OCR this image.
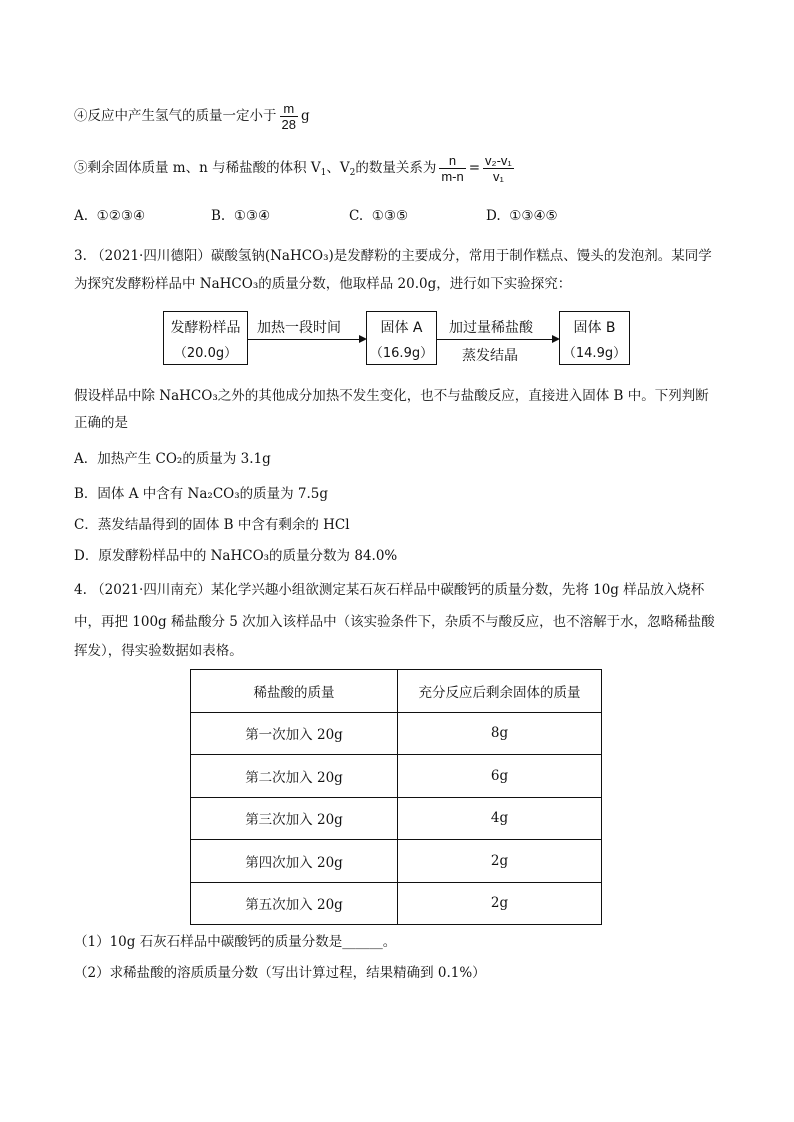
④反应中产生氢气的质量一定小于 $\frac{m}{28}$ g
⑤剩余固体质量 m、n 与稀盐酸的体积 $V_1$、$V_2$的数量关系为 $\frac{n}{m-n} = \frac{\text{v₂-v₁}}{\text{v₁}}$
A. ①②③④	B. ①③④	C. ①③⑤	D. ①③④⑤
3. （2021·四川德阳）碳酸氢钠(NaHCO₃)是发酵粉的主要成分，常用于制作糕点、馒头的发泡剂。某同学
为探究发酵粉样品中 NaHCO₃的质量分数，他取样品 20.0g，进行如下实验探究：
发酵粉样品
（20.0g）
加热一段时间	固体 A
（16.9g）
加过量稀盐酸
蒸发结晶
固体 B
（14.9g）
假设样品中除 NaHCO₃之外的其他成分加热不发生变化，也不与盐酸反应，直接进入固体 B 中。下列判断
正确的是
A．加热产生 CO₂的质量为 3.1g
B．固体 A 中含有 Na₂CO₃的质量为 7.5g
C．蒸发结晶得到的固体 B 中含有剩余的 HCl
D．原发酵粉样品中的 NaHCO₃的质量分数为 84.0%
4. （2021·四川南充）某化学兴趣小组欲测定某石灰石样品中碳酸钙的质量分数，先将 10g 样品放入烧杯
中，再把 100g 稀盐酸分 5 次加入该样品中（该实验条件下，杂质不与酸反应，也不溶解于水，忽略稀盐酸
挥发），得实验数据如表格。
稀盐酸的质量	充分反应后剩余固体的质量
第一次加入 20g	8g
第二次加入 20g	6g
第三次加入 20g	4g
第四次加入 20g	2g
第五次加入 20g	2g
（1）10g 石灰石样品中碳酸钙的质量分数是______。
（2）求稀盐酸的溶质质量分数（写出计算过程，结果精确到 0.1%）
